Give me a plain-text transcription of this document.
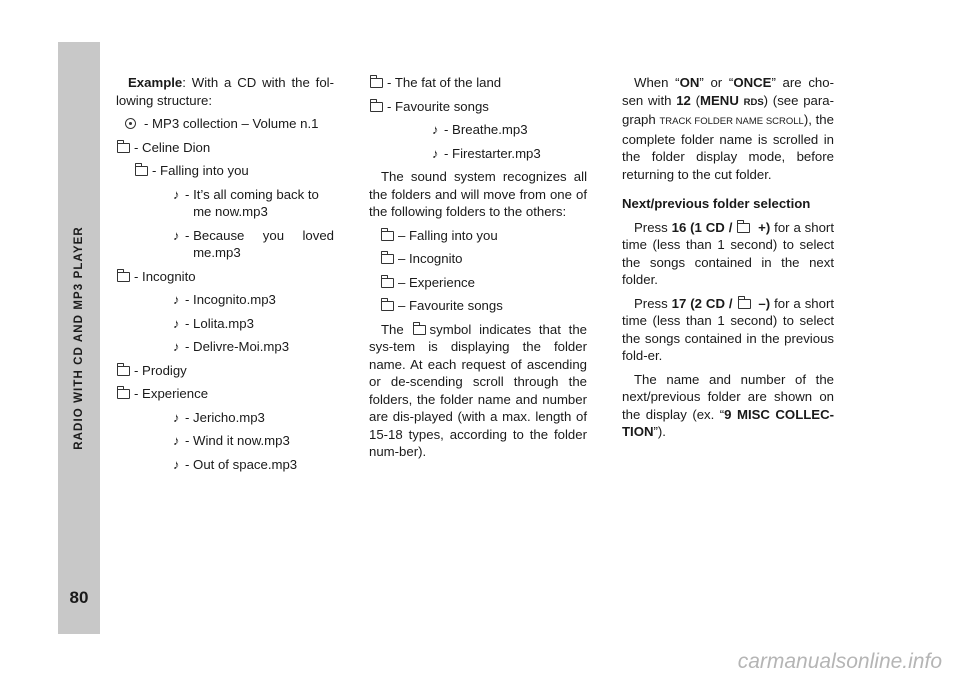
RADIO WITH CD AND MP3 PLAYER
80

Example: With a CD with the fol-lowing structure:

- MP3 collection – Volume n.1
- Celine Dion
- Falling into you
♪ - It’s all coming back to
me now.mp3
♪ - Because you loved
me.mp3
- Incognito
♪ - Incognito.mp3
♪ - Lolita.mp3
♪ - Delivre-Moi.mp3
- Prodigy
- Experience
♪ - Jericho.mp3
♪ - Wind it now.mp3
♪ - Out of space.mp3
- The fat of the land
- Favourite songs
♪ - Breathe.mp3
♪ - Firestarter.mp3

The sound system recognizes all the folders and will move from one of the following folders to the others:

– Falling into you
– Incognito
– Experience
– Favourite songs

The symbol indicates that the sys-tem is displaying the folder name. At each request of ascending or de-scending scroll through the folders, the folder name and number are dis-played (with a max. length of 15-18 types, according to the folder num-ber).

When “ON” or “ONCE” are cho-sen with 12 (MENU RDS) (see para-graph TRACK FOLDER NAME SCROLL), the complete folder name is scrolled in the folder display mode, before returning to the cut folder.

Next/previous folder selection

Press 16 (1 CD /  +) for a short time (less than 1 second) to select the songs contained in the next folder.

Press 17 (2 CD /  –) for a short time (less than 1 second) to select the songs contained in the previous fold-er.

The name and number of the next/previous folder are shown on the display (ex. “9 MISC COLLEC-TION”).

carmanualsonline.info
